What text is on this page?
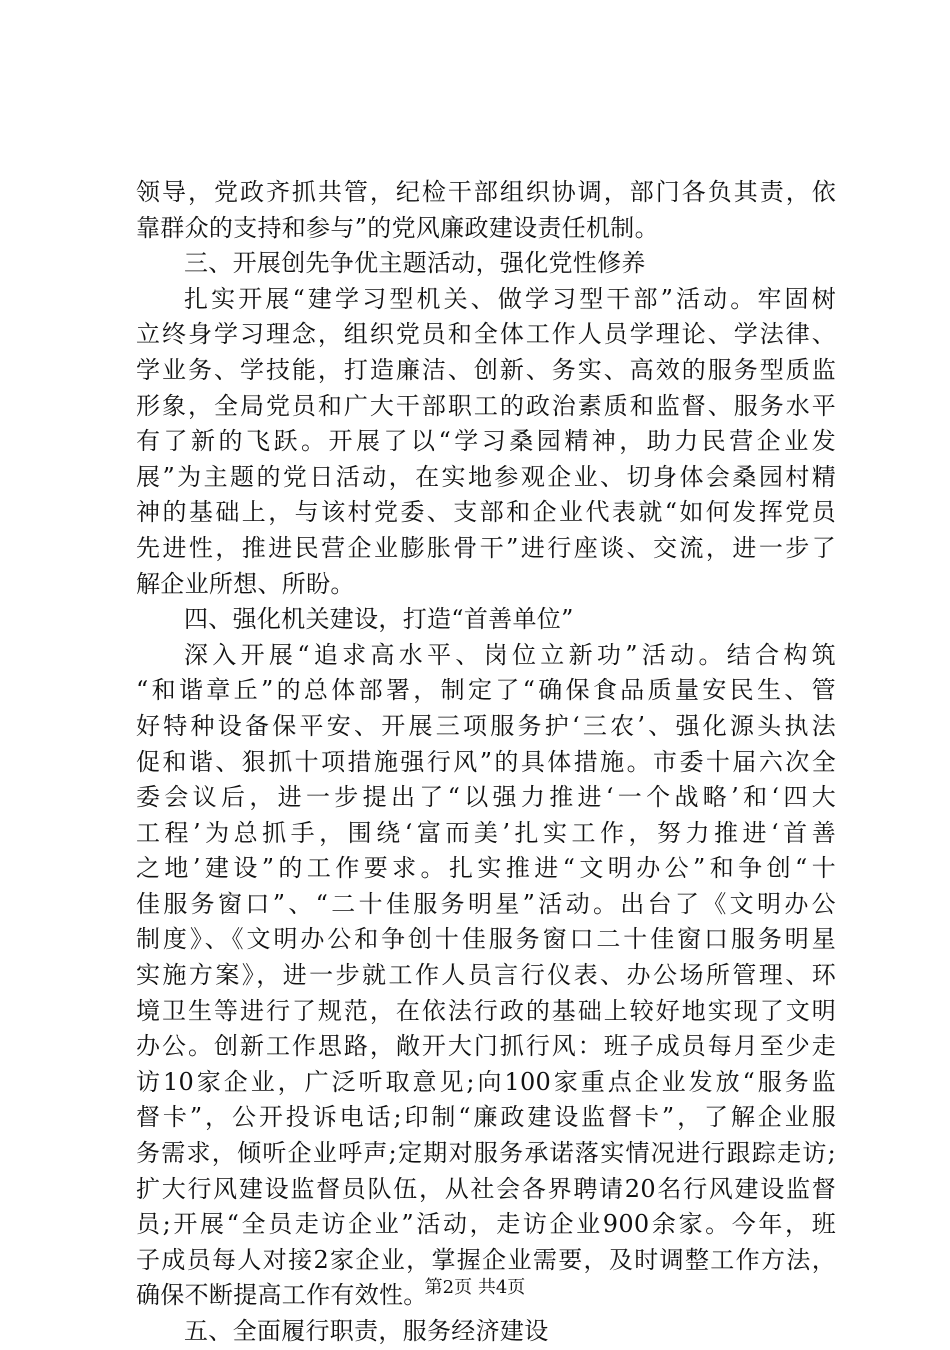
领导，党政齐抓共管，纪检干部组织协调，部门各负其责，依
靠群众的支持和参与”的党风廉政建设责任机制。
三、开展创先争优主题活动，强化党性修养
扎实开展“建学习型机关、做学习型干部”活动。牢固树
立终身学习理念，组织党员和全体工作人员学理论、学法律、
学业务、学技能，打造廉洁、创新、务实、高效的服务型质监
形象，全局党员和广大干部职工的政治素质和监督、服务水平
有了新的飞跃。开展了以“学习桑园精神，助力民营企业发
展”为主题的党日活动，在实地参观企业、切身体会桑园村精
神的基础上，与该村党委、支部和企业代表就“如何发挥党员
先进性，推进民营企业膨胀骨干”进行座谈、交流，进一步了
解企业所想、所盼。
四、强化机关建设，打造“首善单位”
深入开展“追求高水平、岗位立新功”活动。结合构筑
“和谐章丘”的总体部署，制定了“确保食品质量安民生、管
好特种设备保平安、开展三项服务护‘三农’、强化源头执法
促和谐、狠抓十项措施强行风”的具体措施。市委十届六次全
委会议后，进一步提出了“以强力推进‘一个战略’和‘四大
工程’为总抓手，围绕‘富而美’扎实工作，努力推进‘首善
之地’建设”的工作要求。扎实推进“文明办公”和争创“十
佳服务窗口”、“二十佳服务明星”活动。出台了《文明办公
制度》、《文明办公和争创十佳服务窗口二十佳窗口服务明星
实施方案》，进一步就工作人员言行仪表、办公场所管理、环
境卫生等进行了规范，在依法行政的基础上较好地实现了文明
办公。创新工作思路，敞开大门抓行风：班子成员每月至少走
访10家企业，广泛听取意见;向100家重点企业发放“服务监
督卡”，公开投诉电话;印制“廉政建设监督卡”，了解企业服
务需求，倾听企业呼声;定期对服务承诺落实情况进行跟踪走访;
扩大行风建设监督员队伍，从社会各界聘请20名行风建设监督
员;开展“全员走访企业”活动，走访企业900余家。今年，班
子成员每人对接2家企业，掌握企业需要，及时调整工作方法，
确保不断提高工作有效性。
五、全面履行职责，服务经济建设
第2页 共4页
